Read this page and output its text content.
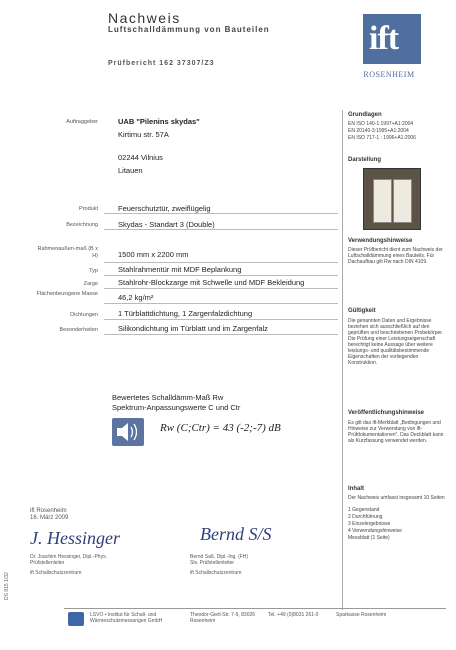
Nachweis
Luftschalldämmung von Bauteilen
Prüfbericht 162 37307/Z3
ift
ROSENHEIM
Auftraggeber	UAB "Pilenins skydas"
Kirtimu str. 57A
02244 Vilnius
Litauen
Produkt	Feuerschutztür, zweiflügelig
Bezeichnung	Skydas - Standart 3 (Double)
Rahmenaußen-maß (B x H)	1500 mm x 2200 mm
Typ	Stahlrahmentür mit MDF Beplankung
Zarge	Stahlrohr-Blockzarge mit Schwelle und MDF Bekleidung
Flächenbezogene Masse	46,2 kg/m²
Dichtungen	1 Türblattdichtung, 1 Zargenfalzdichtung
Besonderheiten	Silikondichtung im Türblatt und im Zargenfalz
Bewertetes Schalldämm-Maß Rw
Spektrum-Anpassungswerte C und Ctr
Rw (C;Ctr) = 43 (-2;-7) dB
Grundlagen
EN ISO 140-1:1997+A1:2004
EN 20140-3:1995+A1:2004
EN ISO 717-1 : 1996+A1:2006
Darstellung
Verwendungshinweise
Dieser Prüfbericht dient zum Nachweis der Luftschalldämmung eines Bauteils. Für Dachaufbau gilt Rw nach DIN 4109.
Gültigkeit
Die genannten Daten und Ergebnisse beziehen sich ausschließlich auf den geprüften und beschriebenen Probekörper. Die Prüfung einer Leistungseigenschaft berechtigt keine Aussage über weitere leistungs- und qualitätsbestimmende Eigenschaften der vorliegenden Konstruktion.
Veröffentlichungshinweise
Es gilt das ift-Merkblatt „Bedingungen und Hinweise zur Verwendung von ift-Prüfdokumentationen". Das Deckblatt kann als Kurzfassung verwendet werden.
Inhalt
Der Nachweis umfasst insgesamt 10 Seiten
1 Gegenstand
2 Durchführung
3 Einzelergebnisse
4 Verwendungshinweise
Messblatt (1 Seite)
ift Rosenheim
16. März 2009
J. Hessinger	Bernd S/S
Dr. Joachim Hessinger, Dipl.-Phys.
Prüfstellenleiter
ift Schallschutzzentrum
Bernd Saß, Dipl.-Ing. (FH)
Stv. Prüfstellenleiter
ift Schallschutzzentrum
LSVO • Institut für Schall- und Wärmeschutzmessungen GmbH
Theodor-Gietl-Str. 7-9, 83026 Rosenheim
Tel. +49 (0)8031 261-0	Sparkasse Rosenheim
DS 815 1/32
